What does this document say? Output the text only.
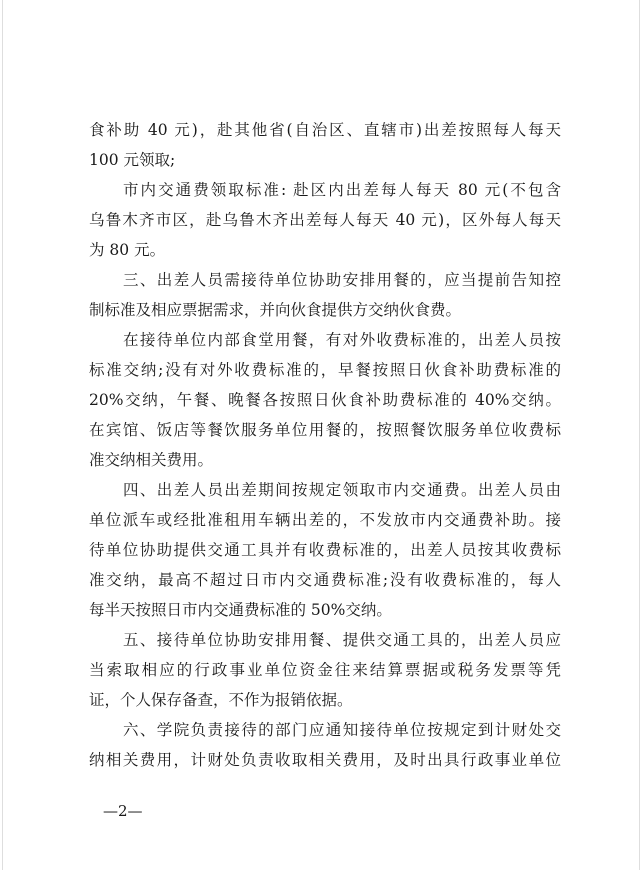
食补助 40 元)，赴其他省(自治区、直辖市)出差按照每人每天
100 元领取;
市内交通费领取标准: 赴区内出差每人每天 80 元(不包含
乌鲁木齐市区，赴乌鲁木齐出差每人每天 40 元)，区外每人每天
为 80 元。
三、出差人员需接待单位协助安排用餐的，应当提前告知控
制标准及相应票据需求，并向伙食提供方交纳伙食费。
在接待单位内部食堂用餐，有对外收费标准的，出差人员按
标准交纳;没有对外收费标准的，早餐按照日伙食补助费标准的
20%交纳，午餐、晚餐各按照日伙食补助费标准的 40%交纳。
在宾馆、饭店等餐饮服务单位用餐的，按照餐饮服务单位收费标
准交纳相关费用。
四、出差人员出差期间按规定领取市内交通费。出差人员由
单位派车或经批准租用车辆出差的，不发放市内交通费补助。接
待单位协助提供交通工具并有收费标准的，出差人员按其收费标
准交纳，最高不超过日市内交通费标准;没有收费标准的，每人
每半天按照日市内交通费标准的 50%交纳。
五、接待单位协助安排用餐、提供交通工具的，出差人员应
当索取相应的行政事业单位资金往来结算票据或税务发票等凭
证，个人保存备查，不作为报销依据。
六、学院负责接待的部门应通知接待单位按规定到计财处交
纳相关费用，计财处负责收取相关费用，及时出具行政事业单位
—2—
